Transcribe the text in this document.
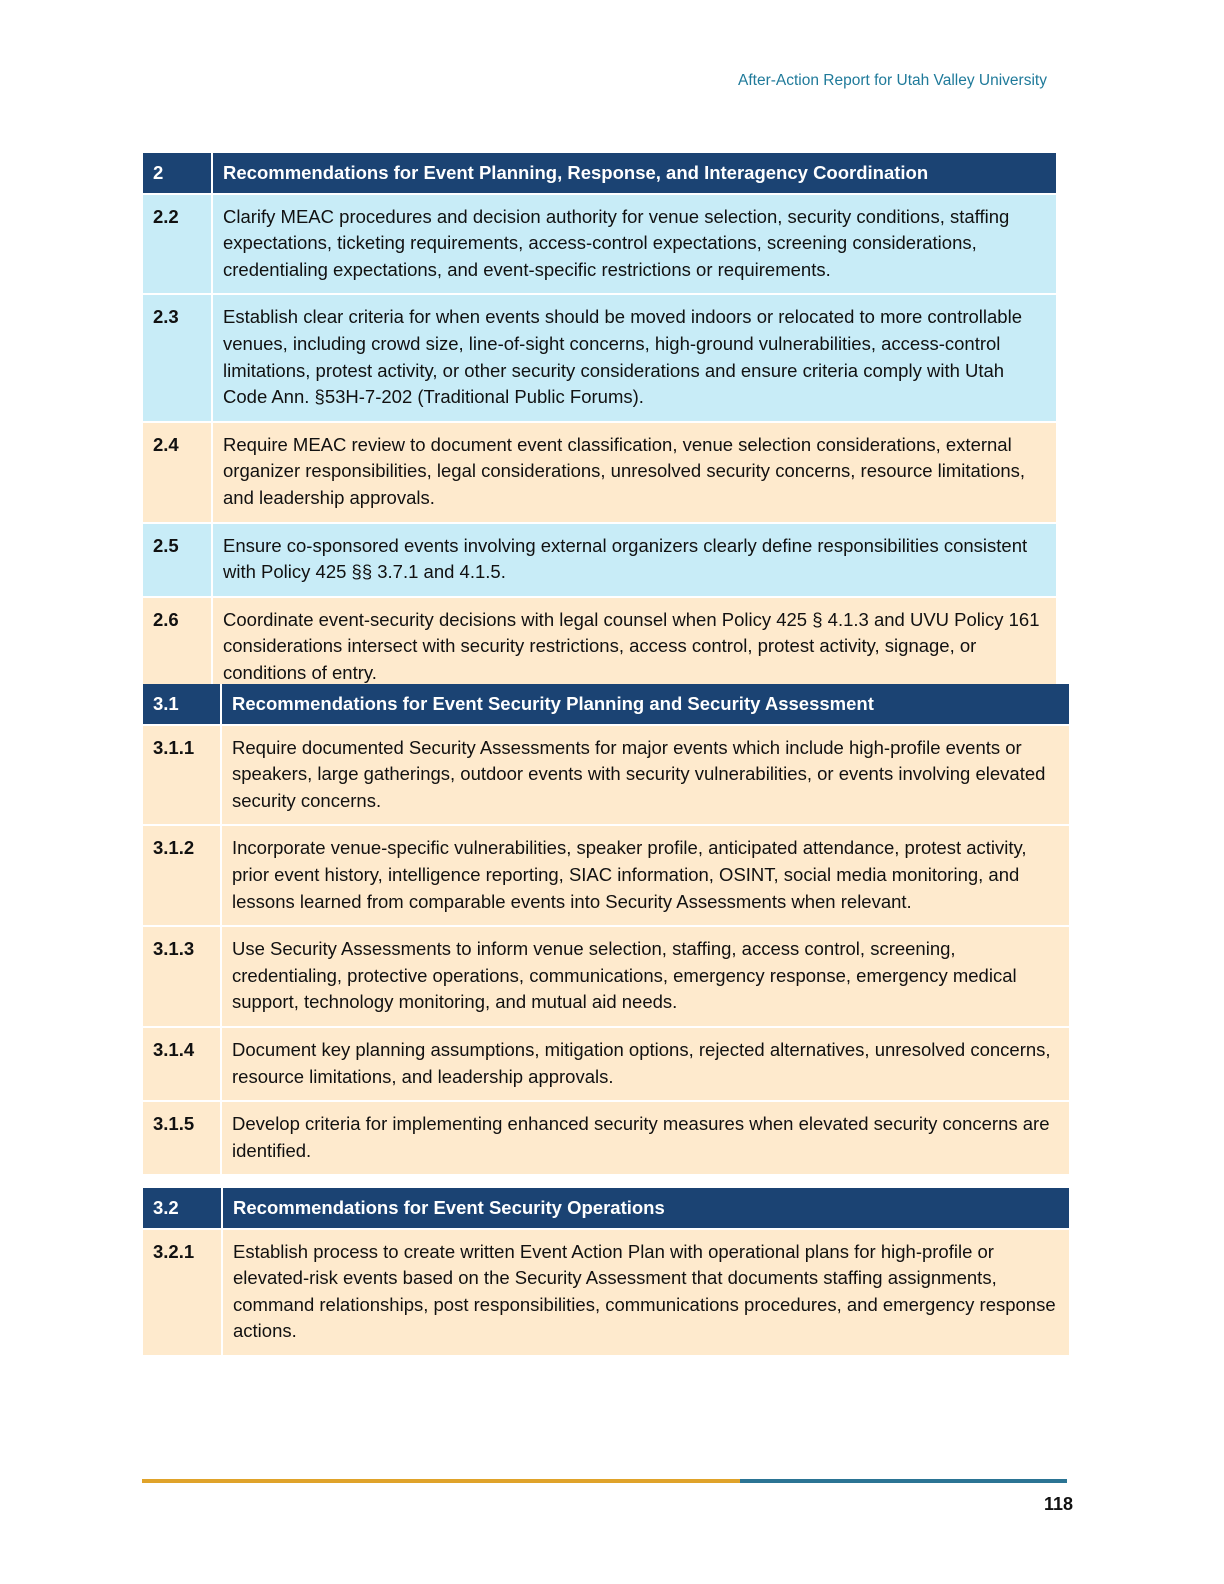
After-Action Report for Utah Valley University
2	Recommendations for Event Planning, Response, and Interagency Coordination
2.2	Clarify MEAC procedures and decision authority for venue selection, security conditions, staffing expectations, ticketing requirements, access-control expectations, screening considerations, credentialing expectations, and event-specific restrictions or requirements.
2.3	Establish clear criteria for when events should be moved indoors or relocated to more controllable venues, including crowd size, line-of-sight concerns, high-ground vulnerabilities, access-control limitations, protest activity, or other security considerations and ensure criteria comply with Utah Code Ann. §53H-7-202 (Traditional Public Forums).
2.4	Require MEAC review to document event classification, venue selection considerations, external organizer responsibilities, legal considerations, unresolved security concerns, resource limitations, and leadership approvals.
2.5	Ensure co-sponsored events involving external organizers clearly define responsibilities consistent with Policy 425 §§ 3.7.1 and 4.1.5.
2.6	Coordinate event-security decisions with legal counsel when Policy 425 § 4.1.3 and UVU Policy 161 considerations intersect with security restrictions, access control, protest activity, signage, or conditions of entry.
3.1	Recommendations for Event Security Planning and Security Assessment
3.1.1	Require documented Security Assessments for major events which include high-profile events or speakers, large gatherings, outdoor events with security vulnerabilities, or events involving elevated security concerns.
3.1.2	Incorporate venue-specific vulnerabilities, speaker profile, anticipated attendance, protest activity, prior event history, intelligence reporting, SIAC information, OSINT, social media monitoring, and lessons learned from comparable events into Security Assessments when relevant.
3.1.3	Use Security Assessments to inform venue selection, staffing, access control, screening, credentialing, protective operations, communications, emergency response, emergency medical support, technology monitoring, and mutual aid needs.
3.1.4	Document key planning assumptions, mitigation options, rejected alternatives, unresolved concerns, resource limitations, and leadership approvals.
3.1.5	Develop criteria for implementing enhanced security measures when elevated security concerns are identified.
3.2	Recommendations for Event Security Operations
3.2.1	Establish process to create written Event Action Plan with operational plans for high-profile or elevated-risk events based on the Security Assessment that documents staffing assignments, command relationships, post responsibilities, communications procedures, and emergency response actions.
118
